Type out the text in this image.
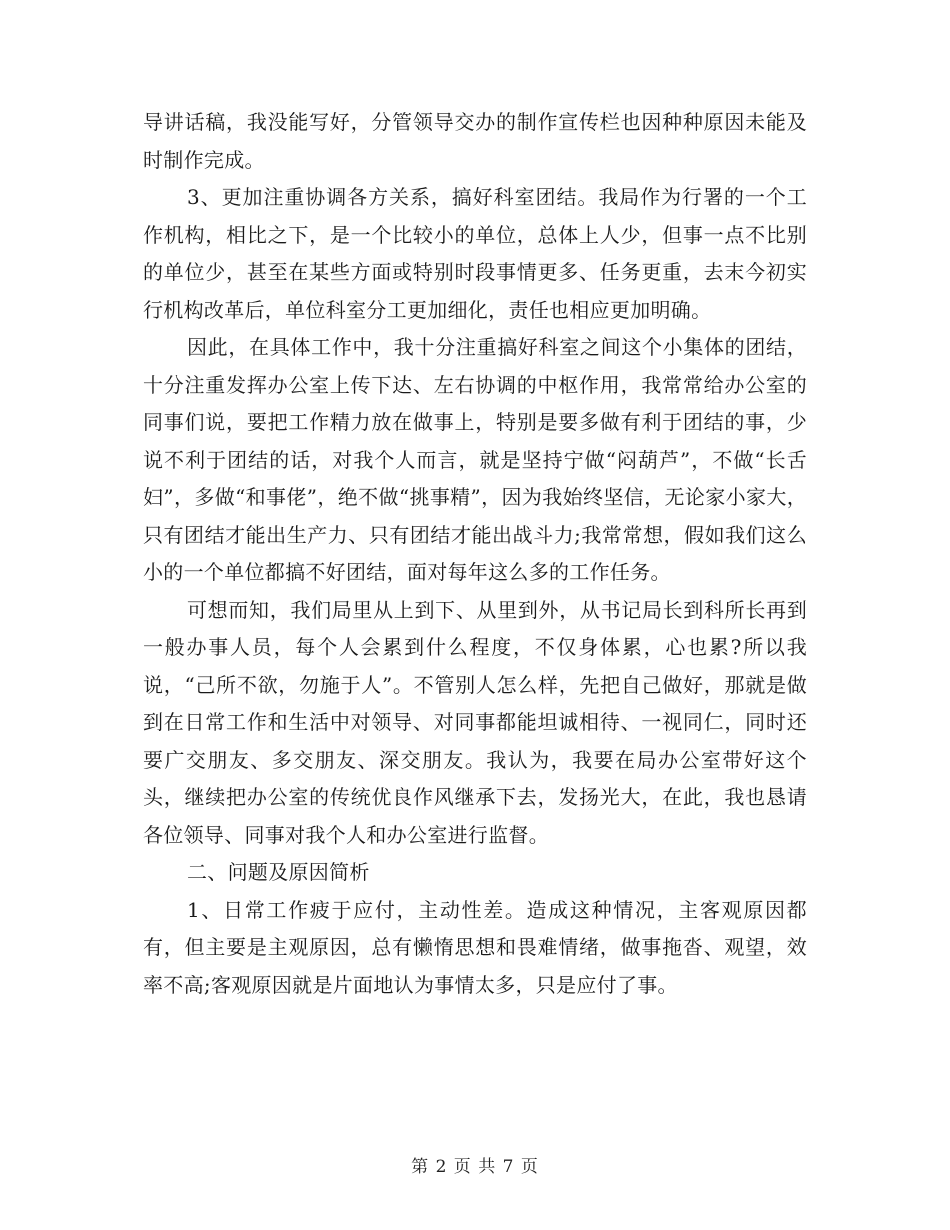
导讲话稿，我没能写好，分管领导交办的制作宣传栏也因种种原因未能及时制作完成。

3、更加注重协调各方关系，搞好科室团结。我局作为行署的一个工作机构，相比之下，是一个比较小的单位，总体上人少，但事一点不比别的单位少，甚至在某些方面或特别时段事情更多、任务更重，去末今初实行机构改革后，单位科室分工更加细化，责任也相应更加明确。

因此，在具体工作中，我十分注重搞好科室之间这个小集体的团结，十分注重发挥办公室上传下达、左右协调的中枢作用，我常常给办公室的同事们说，要把工作精力放在做事上，特别是要多做有利于团结的事，少说不利于团结的话，对我个人而言，就是坚持宁做“闷葫芦”，不做“长舌妇”，多做“和事佬”，绝不做“挑事精”，因为我始终坚信，无论家小家大，只有团结才能出生产力、只有团结才能出战斗力;我常常想，假如我们这么小的一个单位都搞不好团结，面对每年这么多的工作任务。

可想而知，我们局里从上到下、从里到外，从书记局长到科所长再到一般办事人员，每个人会累到什么程度，不仅身体累，心也累?所以我说，“己所不欲，勿施于人”。不管别人怎么样，先把自己做好，那就是做到在日常工作和生活中对领导、对同事都能坦诚相待、一视同仁，同时还要广交朋友、多交朋友、深交朋友。我认为，我要在局办公室带好这个头，继续把办公室的传统优良作风继承下去，发扬光大，在此，我也恳请各位领导、同事对我个人和办公室进行监督。

二、问题及原因简析

1、日常工作疲于应付，主动性差。造成这种情况，主客观原因都有，但主要是主观原因，总有懒惰思想和畏难情绪，做事拖沓、观望，效率不高;客观原因就是片面地认为事情太多，只是应付了事。

第 2 页 共 7 页
